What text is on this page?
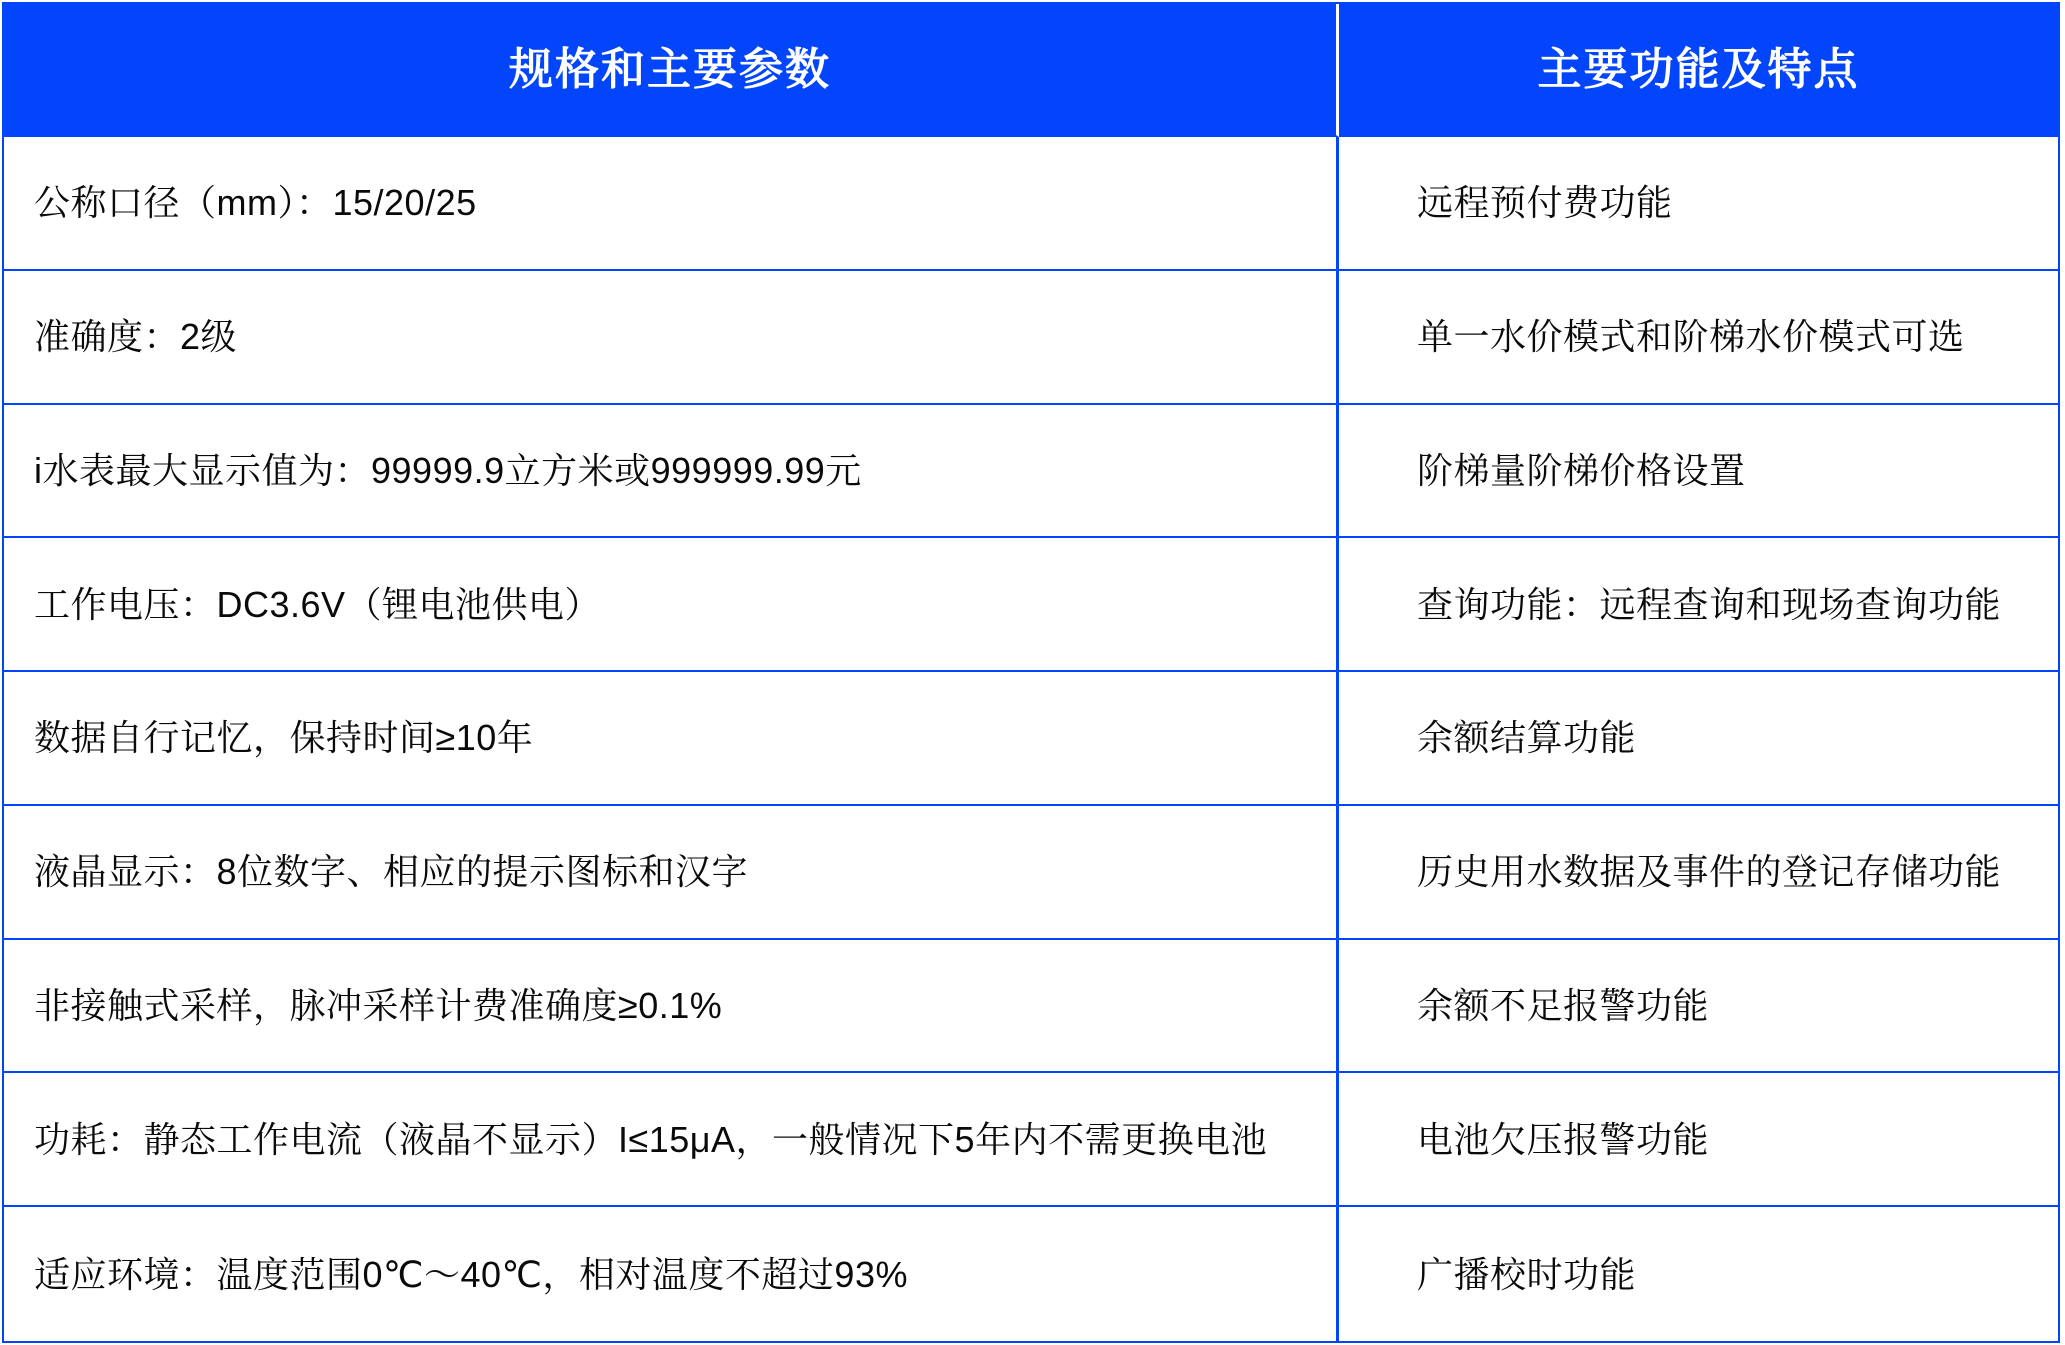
规格和主要参数	主要功能及特点
公称口径（mm）：15/20/25	远程预付费功能
准确度：2级	单一水价模式和阶梯水价模式可选
i水表最大显示值为：99999.9立方米或999999.99元	阶梯量阶梯价格设置
工作电压：DC3.6V（锂电池供电）	查询功能：远程查询和现场查询功能
数据自行记忆，保持时间≥10年	余额结算功能
液晶显示：8位数字、相应的提示图标和汉字	历史用水数据及事件的登记存储功能
非接触式采样，脉冲采样计费准确度≥0.1%	余额不足报警功能
功耗：静态工作电流（液晶不显示）I≤15μA，一般情况下5年内不需更换电池	电池欠压报警功能
适应环境：温度范围0℃～40℃，相对温度不超过93%	广播校时功能
